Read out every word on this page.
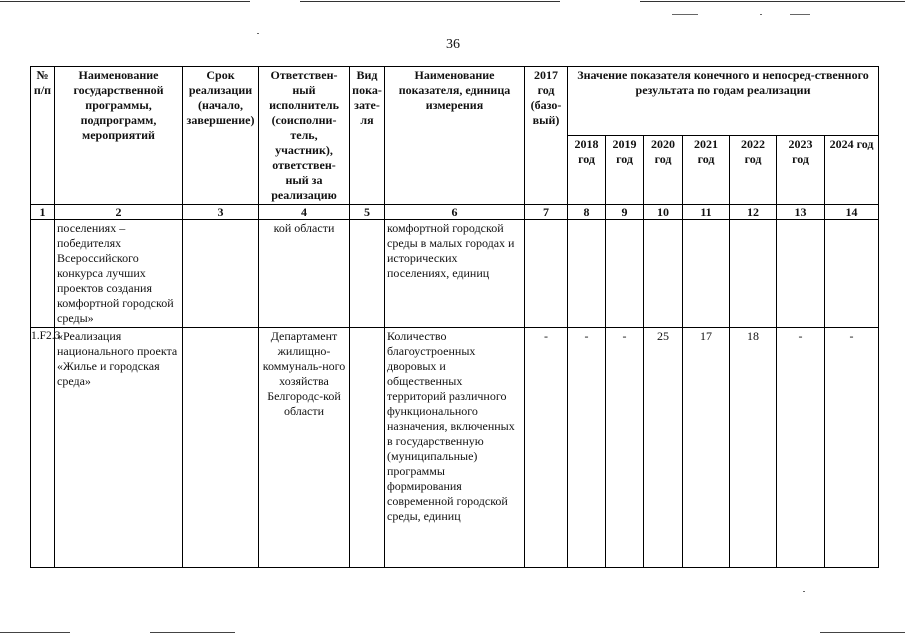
36
№ п/п	Наименование государственной программы, подпрограмм, мероприятий	Срок реализации (начало, завершение)	Ответствен-ный исполнитель (соисполни-тель, участник), ответствен-ный за реализацию	Вид пока-зате-ля	Наименование показателя, единица измерения	2017 год (базо-вый)	Значение показателя конечного и непосред-ственного результата по годам реализации						
							2018 год	2019 год	2020 год	2021 год	2022 год	2023 год	2024 год
1	2	3	4	5	6	7	8	9	10	11	12	13	14
	поселениях – победителях Всероссийского конкурса лучших проектов создания комфортной городской среды»		кой области		комфортной городской среды в малых городах и исторических поселениях, единиц								
1.F2.3	«Реализация национального проекта «Жилье и городская среда»		Департамент жилищно-коммуналь-ного хозяйства Белгородс-кой области		Количество благоустроенных дворовых и общественных территорий различного функционального назначения, включенных в государственную (муниципальные) программы формирования современной городской среды, единиц	-	-	-	25	17	18	-	-
